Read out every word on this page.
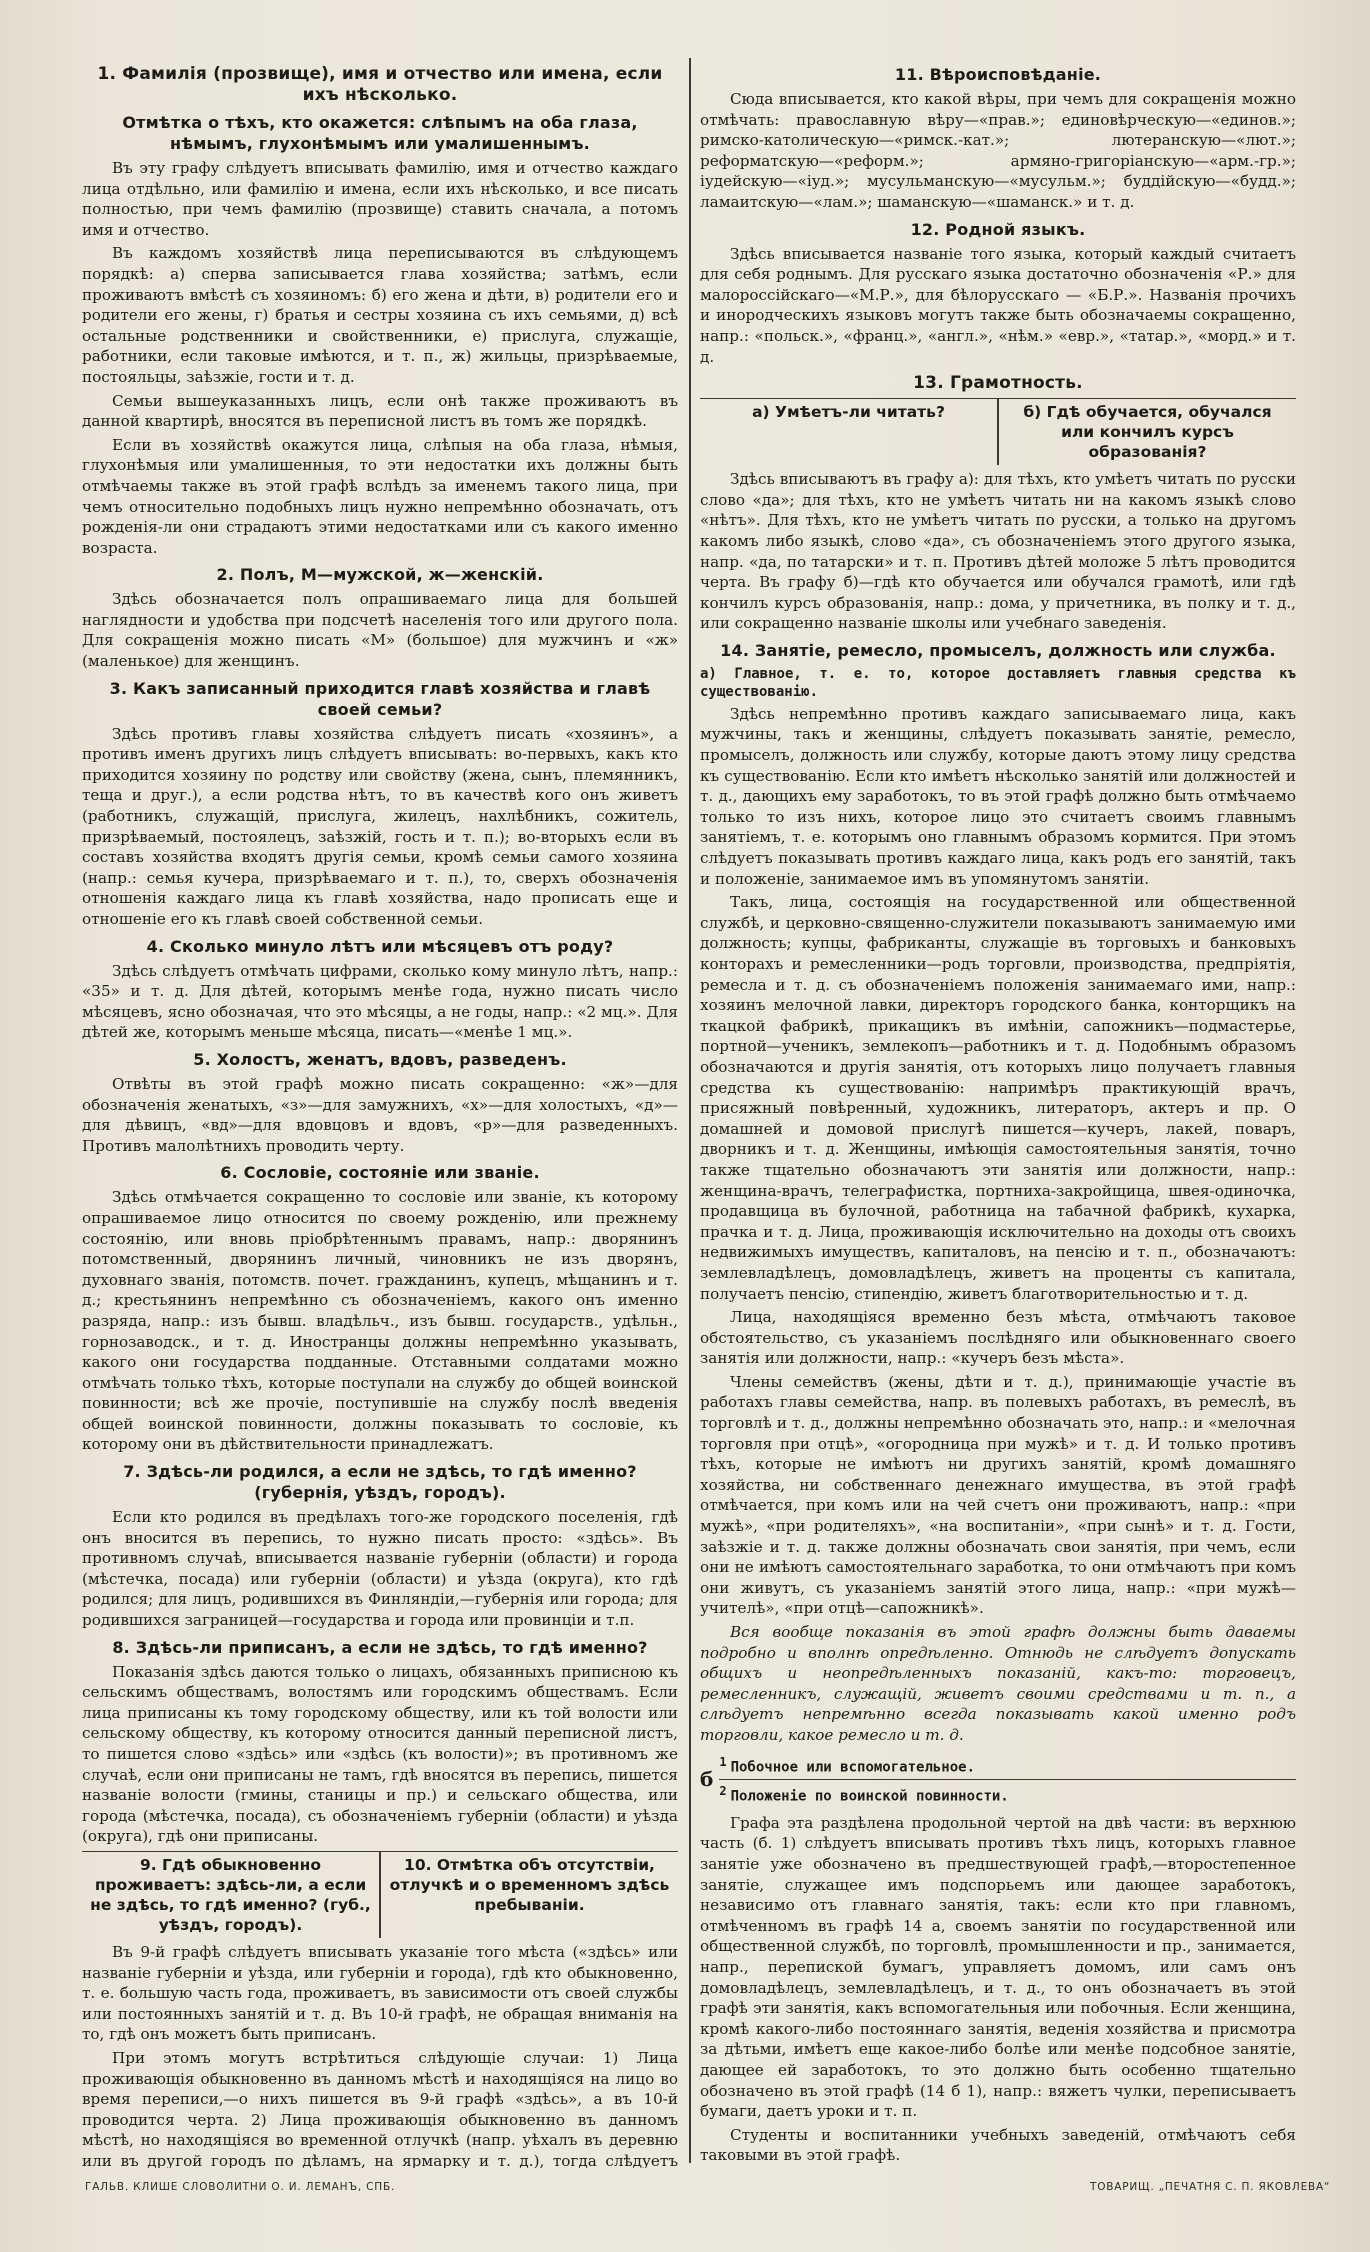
1. Фамилія (прозвище), имя и отчество или имена, если ихъ нѣсколько.
Отмѣтка о тѣхъ, кто окажется: слѣпымъ на оба глаза, нѣмымъ, глухонѣмымъ или умалишеннымъ.

Въ эту графу слѣдуетъ вписывать фамилію, имя и отчество каждаго лица отдѣльно, или фамилію и имена, если ихъ нѣсколько, и все писать полностью, при чемъ фамилію (прозвище) ставить сначала, а потомъ имя и отчество.

Въ каждомъ хозяйствѣ лица переписываются въ слѣдующемъ порядкѣ: а) сперва записывается глава хозяйства; затѣмъ, если проживаютъ вмѣстѣ съ хозяиномъ: б) его жена и дѣти, в) родители его и родители его жены, г) братья и сестры хозяина съ ихъ семьями, д) всѣ остальные родственники и свойственники, е) прислуга, служащіе, работники, если таковые имѣются, и т. п., ж) жильцы, призрѣваемые, постояльцы, заѣзжіе, гости и т. д.

Семьи вышеуказанныхъ лицъ, если онѣ также проживаютъ въ данной квартирѣ, вносятся въ переписной листъ въ томъ же порядкѣ.

Если въ хозяйствѣ окажутся лица, слѣпыя на оба глаза, нѣмыя, глухонѣмыя или умалишенныя, то эти недостатки ихъ должны быть отмѣчаемы также въ этой графѣ вслѣдъ за именемъ такого лица, при чемъ относительно подобныхъ лицъ нужно непремѣнно обозначать, отъ рожденія-ли они страдаютъ этими недостатками или съ какого именно возраста.

2. Полъ, М—мужской, ж—женскій.

Здѣсь обозначается полъ опрашиваемаго лица для большей наглядности и удобства при подсчетѣ населенія того или другого пола. Для сокращенія можно писать «М» (большое) для мужчинъ и «ж» (маленькое) для женщинъ.

3. Какъ записанный приходится главѣ хозяйства и главѣ своей семьи?

Здѣсь противъ главы хозяйства слѣдуетъ писать «хозяинъ», а противъ именъ другихъ лицъ слѣдуетъ вписывать: во-первыхъ, какъ кто приходится хозяину по родству или свойству (жена, сынъ, племянникъ, теща и друг.), а если родства нѣтъ, то въ качествѣ кого онъ живетъ (работникъ, служащій, прислуга, жилецъ, нахлѣбникъ, сожитель, призрѣваемый, постоялецъ, заѣзжій, гость и т. п.); во-вторыхъ если въ составъ хозяйства входятъ другія семьи, кромѣ семьи самого хозяина (напр.: семья кучера, призрѣваемаго и т. п.), то, сверхъ обозначенія отношенія каждаго лица къ главѣ хозяйства, надо прописать еще и отношеніе его къ главѣ своей собственной семьи.

4. Сколько минуло лѣтъ или мѣсяцевъ отъ роду?

Здѣсь слѣдуетъ отмѣчать цифрами, сколько кому минуло лѣтъ, напр.: «35» и т. д. Для дѣтей, которымъ менѣе года, нужно писать число мѣсяцевъ, ясно обозначая, что это мѣсяцы, а не годы, напр.: «2 мц.». Для дѣтей же, которымъ меньше мѣсяца, писать—«менѣе 1 мц.».

5. Холостъ, женатъ, вдовъ, разведенъ.

Отвѣты въ этой графѣ можно писать сокращенно: «ж»—для обозначенія женатыхъ, «з»—для замужнихъ, «х»—для холостыхъ, «д»—для дѣвицъ, «вд»—для вдовцовъ и вдовъ, «р»—для разведенныхъ. Противъ малолѣтнихъ проводить черту.

6. Сословіе, состояніе или званіе.

Здѣсь отмѣчается сокращенно то сословіе или званіе, къ которому опрашиваемое лицо относится по своему рожденію, или прежнему состоянію, или вновь пріобрѣтеннымъ правамъ, напр.: дворянинъ потомственный, дворянинъ личный, чиновникъ не изъ дворянъ, духовнаго званія, потомств. почет. гражданинъ, купецъ, мѣщанинъ и т. д.; крестьянинъ непремѣнно съ обозначеніемъ, какого онъ именно разряда, напр.: изъ бывш. владѣльч., изъ бывш. государств., удѣльн., горнозаводск., и т. д. Иностранцы должны непремѣнно указывать, какого они государства подданные. Отставными солдатами можно отмѣчать только тѣхъ, которые поступали на службу до общей воинской повинности; всѣ же прочіе, поступившіе на службу послѣ введенія общей воинской повинности, должны показывать то сословіе, къ которому они въ дѣйствительности принадлежатъ.

7. Здѣсь-ли родился, а если не здѣсь, то гдѣ именно? (губернія, уѣздъ, городъ).

Если кто родился въ предѣлахъ того-же городского поселенія, гдѣ онъ вносится въ перепись, то нужно писать просто: «здѣсь». Въ противномъ случаѣ, вписывается названіе губерніи (области) и города (мѣстечка, посада) или губерніи (области) и уѣзда (округа), кто гдѣ родился; для лицъ, родившихся въ Финляндіи,—губернія или города; для родившихся заграницей—государства и города или провинціи и т.п.

8. Здѣсь-ли приписанъ, а если не здѣсь, то гдѣ именно?

Показанія здѣсь даются только о лицахъ, обязанныхъ приписною къ сельскимъ обществамъ, волостямъ или городскимъ обществамъ. Если лица приписаны къ тому городскому обществу, или къ той волости или сельскому обществу, къ которому относится данный переписной листъ, то пишется слово «здѣсь» или «здѣсь (къ волости)»; въ противномъ же случаѣ, если они приписаны не тамъ, гдѣ вносятся въ перепись, пишется названіе волости (гмины, станицы и пр.) и сельскаго общества, или города (мѣстечка, посада), съ обозначеніемъ губерніи (области) и уѣзда (округа), гдѣ они приписаны.

9. Гдѣ обыкновенно проживаетъ: здѣсь-ли, а если не здѣсь, то гдѣ именно? (губ., уѣздъ, городъ).
10. Отмѣтка объ отсутствіи, отлучкѣ и о временномъ здѣсь пребываніи.

Въ 9-й графѣ слѣдуетъ вписывать указаніе того мѣста («здѣсь» или названіе губерніи и уѣзда, или губерніи и города), гдѣ кто обыкновенно, т. е. большую часть года, проживаетъ, въ зависимости отъ своей службы или постоянныхъ занятій и т. д. Въ 10-й графѣ, не обращая вниманія на то, гдѣ онъ можетъ быть приписанъ.

При этомъ могутъ встрѣтиться слѣдующіе случаи: 1) Лица проживающія обыкновенно въ данномъ мѣстѣ и находящіяся на лицо во время переписи,—о нихъ пишется въ 9-й графѣ «здѣсь», а въ 10-й проводится черта. 2) Лица проживающія обыкновенно въ данномъ мѣстѣ, но находящіяся во временной отлучкѣ (напр. уѣхалъ въ деревню или въ другой городъ по дѣламъ, на ярмарку и т. д.), тогда слѣдуетъ

11. Вѣроисповѣданіе.

Сюда вписывается, кто какой вѣры, при чемъ для сокращенія можно отмѣчать: православную вѣру—«прав.»; единовѣрческую—«единов.»; римско-католическую—«римск.-кат.»; лютеранскую—«лют.»; реформатскую—«реформ.»; армяно-григоріанскую—«арм.-гр.»; іудейскую—«іуд.»; мусульманскую—«мусульм.»; буддійскую—«будд.»; ламаитскую—«лам.»; шаманскую—«шаманск.» и т. д.

12. Родной языкъ.

Здѣсь вписывается названіе того языка, который каждый считаетъ для себя роднымъ. Для русскаго языка достаточно обозначенія «Р.» для малороссійскаго—«М.Р.», для бѣлорусскаго — «Б.Р.». Названія прочихъ и инородческихъ языковъ могутъ также быть обозначаемы сокращенно, напр.: «польск.», «франц.», «англ.», «нѣм.» «евр.», «татар.», «морд.» и т. д.

13. Грамотность.
а) Умѣетъ-ли читать?	б) Гдѣ обучается, обучался или кончилъ курсъ образованія?

Здѣсь вписываютъ въ графу а): для тѣхъ, кто умѣетъ читать по русски слово «да»; для тѣхъ, кто не умѣетъ читать ни на какомъ языкѣ слово «нѣтъ». Для тѣхъ, кто не умѣетъ читать по русски, а только на другомъ какомъ либо языкѣ, слово «да», съ обозначеніемъ этого другого языка, напр. «да, по татарски» и т. п. Противъ дѣтей моложе 5 лѣтъ проводится черта. Въ графу б)—гдѣ кто обучается или обучался грамотѣ, или гдѣ кончилъ курсъ образованія, напр.: дома, у причетника, въ полку и т. д., или сокращенно названіе школы или учебнаго заведенія.

14. Занятіе, ремесло, промыселъ, должность или служба.

а) Главное, т. е. то, которое доставляетъ главныя средства къ существованію.

Здѣсь непремѣнно противъ каждаго записываемаго лица, какъ мужчины, такъ и женщины, слѣдуетъ показывать занятіе, ремесло, промыселъ, должность или службу, которые даютъ этому лицу средства къ существованію. Если кто имѣетъ нѣсколько занятій или должностей и т. д., дающихъ ему заработокъ, то въ этой графѣ должно быть отмѣчаемо только то изъ нихъ, которое лицо это считаетъ своимъ главнымъ занятіемъ, т. е. которымъ оно главнымъ образомъ кормится. При этомъ слѣдуетъ показывать противъ каждаго лица, какъ родъ его занятій, такъ и положеніе, занимаемое имъ въ упомянутомъ занятіи.

Такъ, лица, состоящія на государственной или общественной службѣ, и церковно-священно-служители показываютъ занимаемую ими должность; купцы, фабриканты, служащіе въ торговыхъ и банковыхъ конторахъ и ремесленники—родъ торговли, производства, предпріятія, ремесла и т. д. съ обозначеніемъ положенія занимаемаго ими, напр.: хозяинъ мелочной лавки, директоръ городского банка, конторщикъ на ткацкой фабрикѣ, прикащикъ въ имѣніи, сапожникъ—подмастерье, портной—ученикъ, землекопъ—работникъ и т. д. Подобнымъ образомъ обозначаются и другія занятія, отъ которыхъ лицо получаетъ главныя средства къ существованію: напримѣръ практикующій врачъ, присяжный повѣренный, художникъ, литераторъ, актеръ и пр. О домашней и домовой прислугѣ пишется—кучеръ, лакей, поваръ, дворникъ и т. д. Женщины, имѣющія самостоятельныя занятія, точно также тщательно обозначаютъ эти занятія или должности, напр.: женщина-врачъ, телеграфистка, портниха-закройщица, швея-одиночка, продавщица въ булочной, работница на табачной фабрикѣ, кухарка, прачка и т. д. Лица, проживающія исключительно на доходы отъ своихъ недвижимыхъ имуществъ, капиталовъ, на пенсію и т. п., обозначаютъ: землевладѣлецъ, домовладѣлецъ, живетъ на проценты съ капитала, получаетъ пенсію, стипендію, живетъ благотворительностью и т. д.

Лица, находящіяся временно безъ мѣста, отмѣчаютъ таковое обстоятельство, съ указаніемъ послѣдняго или обыкновеннаго своего занятія или должности, напр.: «кучеръ безъ мѣста».

Члены семействъ (жены, дѣти и т. д.), принимающіе участіе въ работахъ главы семейства, напр. въ полевыхъ работахъ, въ ремеслѣ, въ торговлѣ и т. д., должны непремѣнно обозначать это, напр.: и «мелочная торговля при отцѣ», «огородница при мужѣ» и т. д. И только противъ тѣхъ, которые не имѣютъ ни другихъ занятій, кромѣ домашняго хозяйства, ни собственнаго денежнаго имущества, въ этой графѣ отмѣчается, при комъ или на чей счетъ они проживаютъ, напр.: «при мужѣ», «при родителяхъ», «на воспитаніи», «при сынѣ» и т. д. Гости, заѣзжіе и т. д. также должны обозначать свои занятія, при чемъ, если они не имѣютъ самостоятельнаго заработка, то они отмѣчаютъ при комъ они живутъ, съ указаніемъ занятій этого лица, напр.: «при мужѣ—учителѣ», «при отцѣ—сапожникѣ».

Вся вообще показанія въ этой графѣ должны быть даваемы подробно и вполнѣ опредѣленно. Отнюдь не слѣдуетъ допускать общихъ и неопредѣленныхъ показаній, какъ-то: торговецъ, ремесленникъ, служащій, живетъ своими средствами и т. п., а слѣдуетъ непремѣнно всегда показывать какой именно родъ торговли, какое ремесло и т. д.

б
1 Побочное или вспомогательное.
2 Положеніе по воинской повинности.

Графа эта раздѣлена продольной чертой на двѣ части: въ верхнюю часть (б. 1) слѣдуетъ вписывать противъ тѣхъ лицъ, которыхъ главное занятіе уже обозначено въ предшествующей графѣ,—второстепенное занятіе, служащее имъ подспорьемъ или дающее заработокъ, независимо отъ главнаго занятія, такъ: если кто при главномъ, отмѣченномъ въ графѣ 14 а, своемъ занятіи по государственной или общественной службѣ, по торговлѣ, промышленности и пр., занимается, напр., перепиской бумагъ, управляетъ домомъ, или самъ онъ домовладѣлецъ, землевладѣлецъ, и т. д., то онъ обозначаетъ въ этой графѣ эти занятія, какъ вспомогательныя или побочныя. Если женщина, кромѣ какого-либо постояннаго занятія, веденія хозяйства и присмотра за дѣтьми, имѣетъ еще какое-либо болѣе или менѣе подсобное занятіе, дающее ей заработокъ, то это должно быть особенно тщательно обозначено въ этой графѣ (14 б 1), напр.: вяжетъ чулки, переписываетъ бумаги, даетъ уроки и т. п.

Студенты и воспитанники учебныхъ заведеній, отмѣчаютъ себя таковыми въ этой графѣ.

ГАЛЬВ. КЛИШЕ СЛОВОЛИТНИ О. И. ЛЕМАНЪ, СПБ.	ТОВАРИЩ. „ПЕЧАТНЯ С. П. ЯКОВЛЕВА“
